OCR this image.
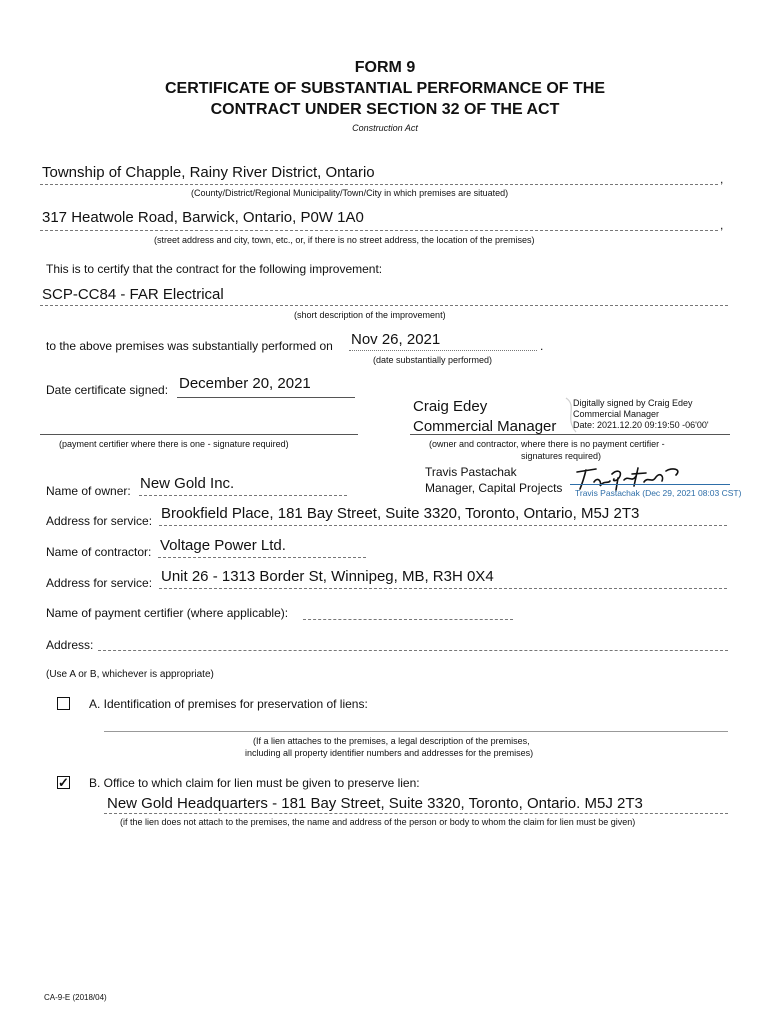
FORM 9
CERTIFICATE OF SUBSTANTIAL PERFORMANCE OF THE
CONTRACT UNDER SECTION 32 OF THE ACT
Construction Act
Township of Chapple, Rainy River District, Ontario	,
(County/District/Regional Municipality/Town/City in which premises are situated)
317 Heatwole Road, Barwick, Ontario, P0W 1A0	,
(street address and city, town, etc., or, if there is no street address, the location of the premises)
This is to certify that the contract for the following improvement:
SCP-CC84 - FAR Electrical
(short description of the improvement)
to the above premises was substantially performed on Nov 26, 2021	.
(date substantially performed)
Date certificate signed: December 20, 2021
(payment certifier where there is one - signature required)
Craig Edey
Commercial Manager
Digitally signed by Craig Edey
Commercial Manager
Date: 2021.12.20 09:19:50 -06'00'
(owner and contractor, where there is no payment certifier -
signatures required)
Travis Pastachak
Manager, Capital Projects Travis Pastachak (Dec 29, 2021 08:03 CST)
Name of owner: New Gold Inc.
Address for service: Brookfield Place, 181 Bay Street, Suite 3320, Toronto, Ontario, M5J 2T3
Name of contractor: Voltage Power Ltd.
Address for service: Unit 26 - 1313 Border St, Winnipeg, MB, R3H 0X4
Name of payment certifier (where applicable):
Address:
(Use A or B, whichever is appropriate)
A. Identification of premises for preservation of liens:
(If a lien attaches to the premises, a legal description of the premises,
including all property identifier numbers and addresses for the premises)
✓ B. Office to which claim for lien must be given to preserve lien:
New Gold Headquarters - 181 Bay Street, Suite 3320, Toronto, Ontario. M5J 2T3
(if the lien does not attach to the premises, the name and address of the person or body to whom the claim for lien must be given)
CA-9-E (2018/04)
